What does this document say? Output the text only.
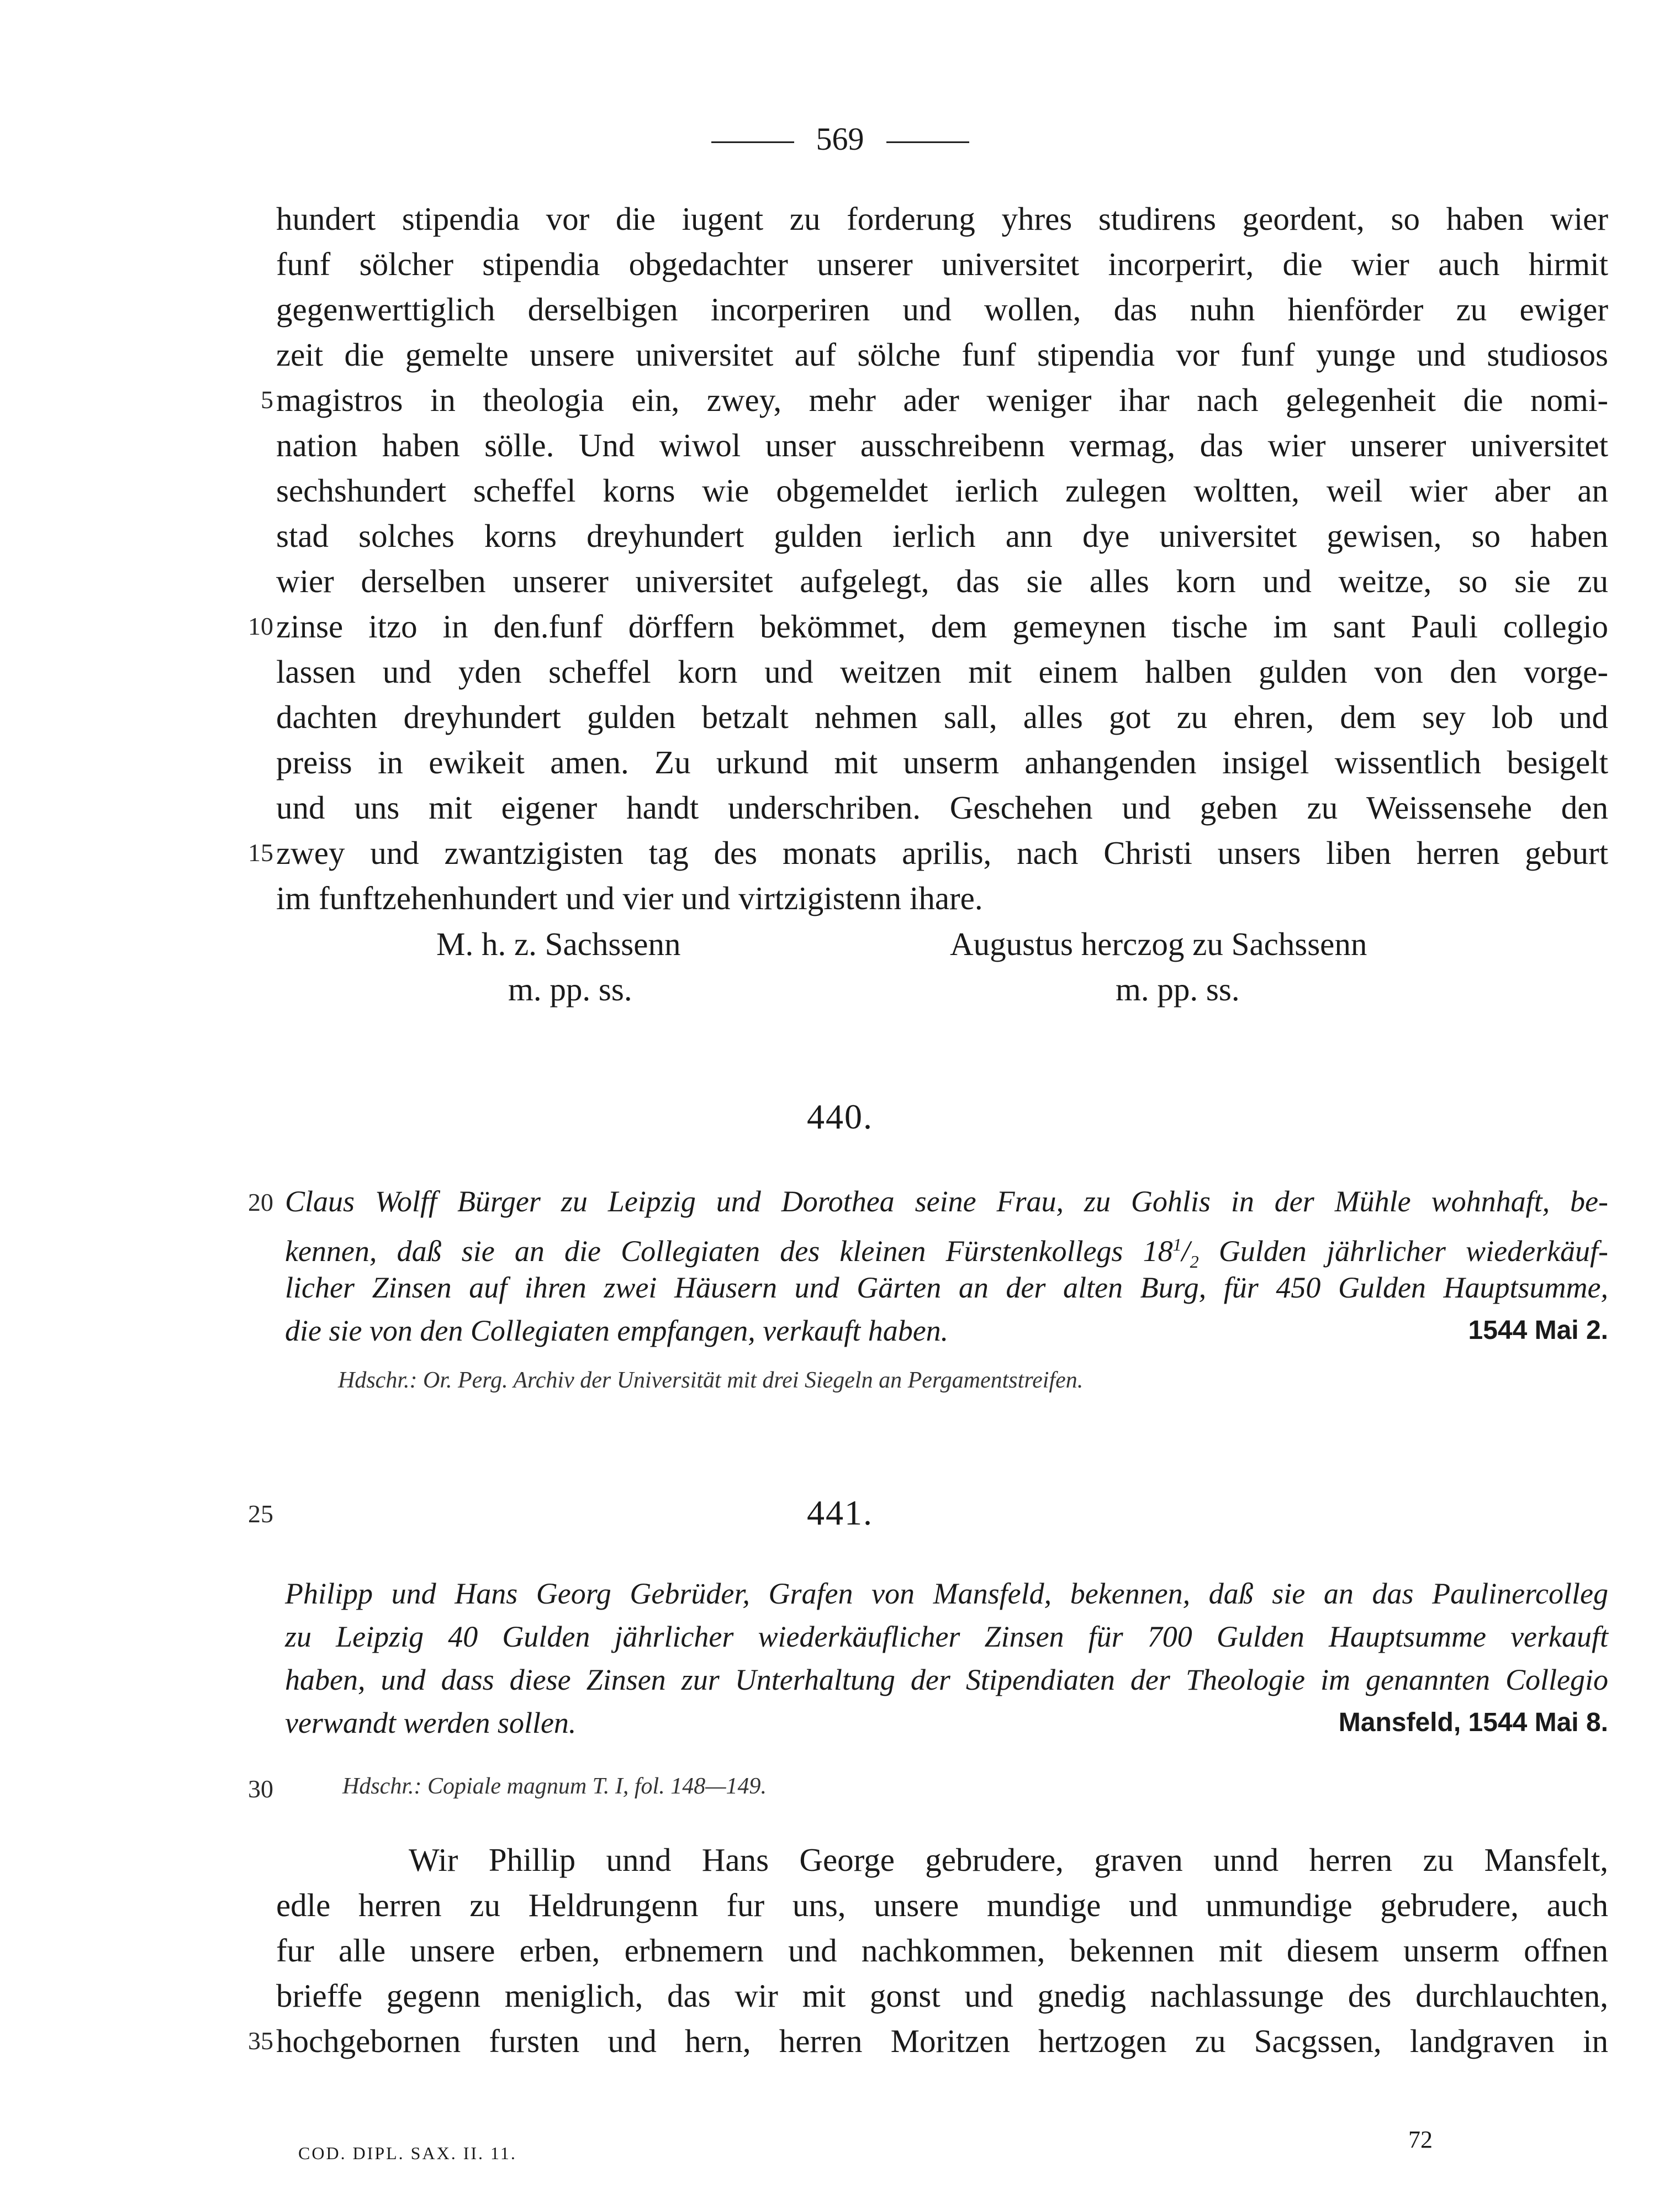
569
hundert stipendia vor die iugent zu forderung yhres studirens geordent, so haben wier
funf sölcher stipendia obgedachter unserer universitet incorperirt, die wier auch hirmit
gegenwerttiglich derselbigen incorperiren und wollen, das nuhn hienförder zu ewiger
zeit die gemelte unsere universitet auf sölche funf stipendia vor funf yunge und studiosos
magistros in theologia ein, zwey, mehr ader weniger ihar nach gelegenheit die nomi-
nation haben sölle. Und wiwol unser ausschreibenn vermag, das wier unserer universitet
sechshundert scheffel korns wie obgemeldet ierlich zulegen woltten, weil wier aber an
stad solches korns dreyhundert gulden ierlich ann dye universitet gewisen, so haben
wier derselben unserer universitet aufgelegt, das sie alles korn und weitze, so sie zu
zinse itzo in den.funf dörffern bekömmet, dem gemeynen tische im sant Pauli collegio
lassen und yden scheffel korn und weitzen mit einem halben gulden von den vorge-
dachten dreyhundert gulden betzalt nehmen sall, alles got zu ehren, dem sey lob und
preiss in ewikeit amen. Zu urkund mit unserm anhangenden insigel wissentlich besigelt
und uns mit eigener handt underschriben. Geschehen und geben zu Weissensehe den
zwey und zwantzigisten tag des monats aprilis, nach Christi unsers liben herren geburt
im funftzehenhundert und vier und virtzigistenn ihare.
5
10
15
M. h. z. Sachssenn
m. pp. ss.
Augustus herczog zu Sachssenn
m. pp. ss.
440.
20 Claus Wolff Bürger zu Leipzig und Dorothea seine Frau, zu Gohlis in der Mühle wohnhaft, be-
kennen, daß sie an die Collegiaten des kleinen Fürstenkollegs $18^1/_2$ Gulden jährlicher wiederkäuf-
licher Zinsen auf ihren zwei Häusern und Gärten an der alten Burg, für 450 Gulden Hauptsumme,
die sie von den Collegiaten empfangen, verkauft haben.	1544 Mai 2.
Hdschr.: Or. Perg. Archiv der Universität mit drei Siegeln an Pergamentstreifen.
25	441.
Philipp und Hans Georg Gebrüder, Grafen von Mansfeld, bekennen, daß sie an das Paulinercolleg
zu Leipzig 40 Gulden jährlicher wiederkäuflicher Zinsen für 700 Gulden Hauptsumme verkauft
haben, und dass diese Zinsen zur Unterhaltung der Stipendiaten der Theologie im genannten Collegio
verwandt werden sollen.	Mansfeld, 1544 Mai 8.
30	Hdschr.: Copiale magnum T. I, fol. 148—149.
Wir Phillip unnd Hans George gebrudere, graven unnd herren zu Mansfelt,
edle herren zu Heldrungenn fur uns, unsere mundige und unmundige gebrudere, auch
fur alle unsere erben, erbnemern und nachkommen, bekennen mit diesem unserm offnen
brieffe gegenn meniglich, das wir mit gonst und gnedig nachlassunge des durchlauchten,
hochgebornen fursten und hern, herren Moritzen hertzogen zu Sacgssen, landgraven in
35
COD. DIPL. SAX. II. 11.	72
